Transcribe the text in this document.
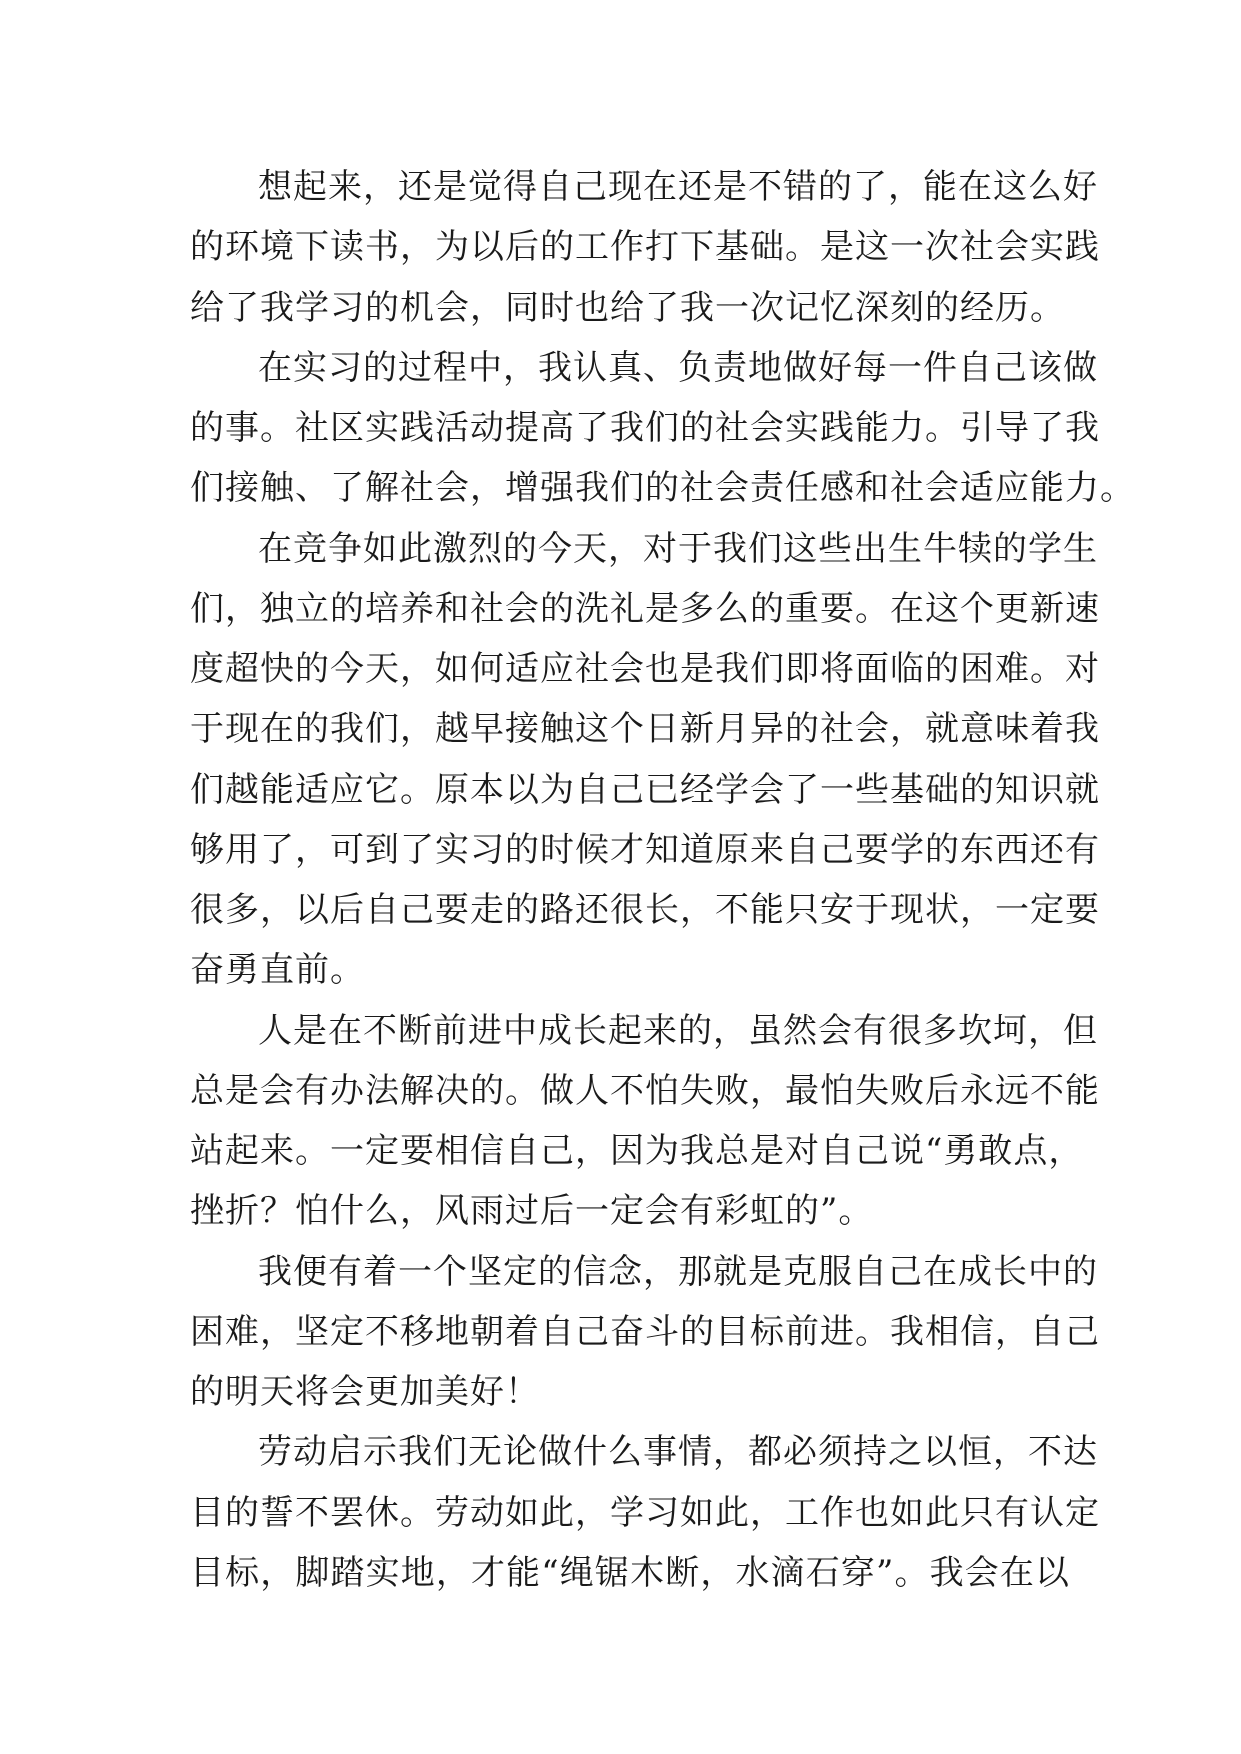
想起来，还是觉得自己现在还是不错的了，能在这么好
的环境下读书，为以后的工作打下基础。是这一次社会实践
给了我学习的机会，同时也给了我一次记忆深刻的经历。
在实习的过程中，我认真、负责地做好每一件自己该做
的事。社区实践活动提高了我们的社会实践能力。引导了我
们接触、了解社会，增强我们的社会责任感和社会适应能力。
在竞争如此激烈的今天，对于我们这些出生牛犊的学生
们，独立的培养和社会的洗礼是多么的重要。在这个更新速
度超快的今天，如何适应社会也是我们即将面临的困难。对
于现在的我们，越早接触这个日新月异的社会，就意味着我
们越能适应它。原本以为自己已经学会了一些基础的知识就
够用了，可到了实习的时候才知道原来自己要学的东西还有
很多，以后自己要走的路还很长，不能只安于现状，一定要
奋勇直前。
人是在不断前进中成长起来的，虽然会有很多坎坷，但
总是会有办法解决的。做人不怕失败，最怕失败后永远不能
站起来。一定要相信自己，因为我总是对自己说“勇敢点，
挫折？怕什么，风雨过后一定会有彩虹的”。
我便有着一个坚定的信念，那就是克服自己在成长中的
困难，坚定不移地朝着自己奋斗的目标前进。我相信，自己
的明天将会更加美好！
劳动启示我们无论做什么事情，都必须持之以恒，不达
目的誓不罢休。劳动如此，学习如此，工作也如此只有认定
目标，脚踏实地，才能“绳锯木断，水滴石穿”。我会在以
